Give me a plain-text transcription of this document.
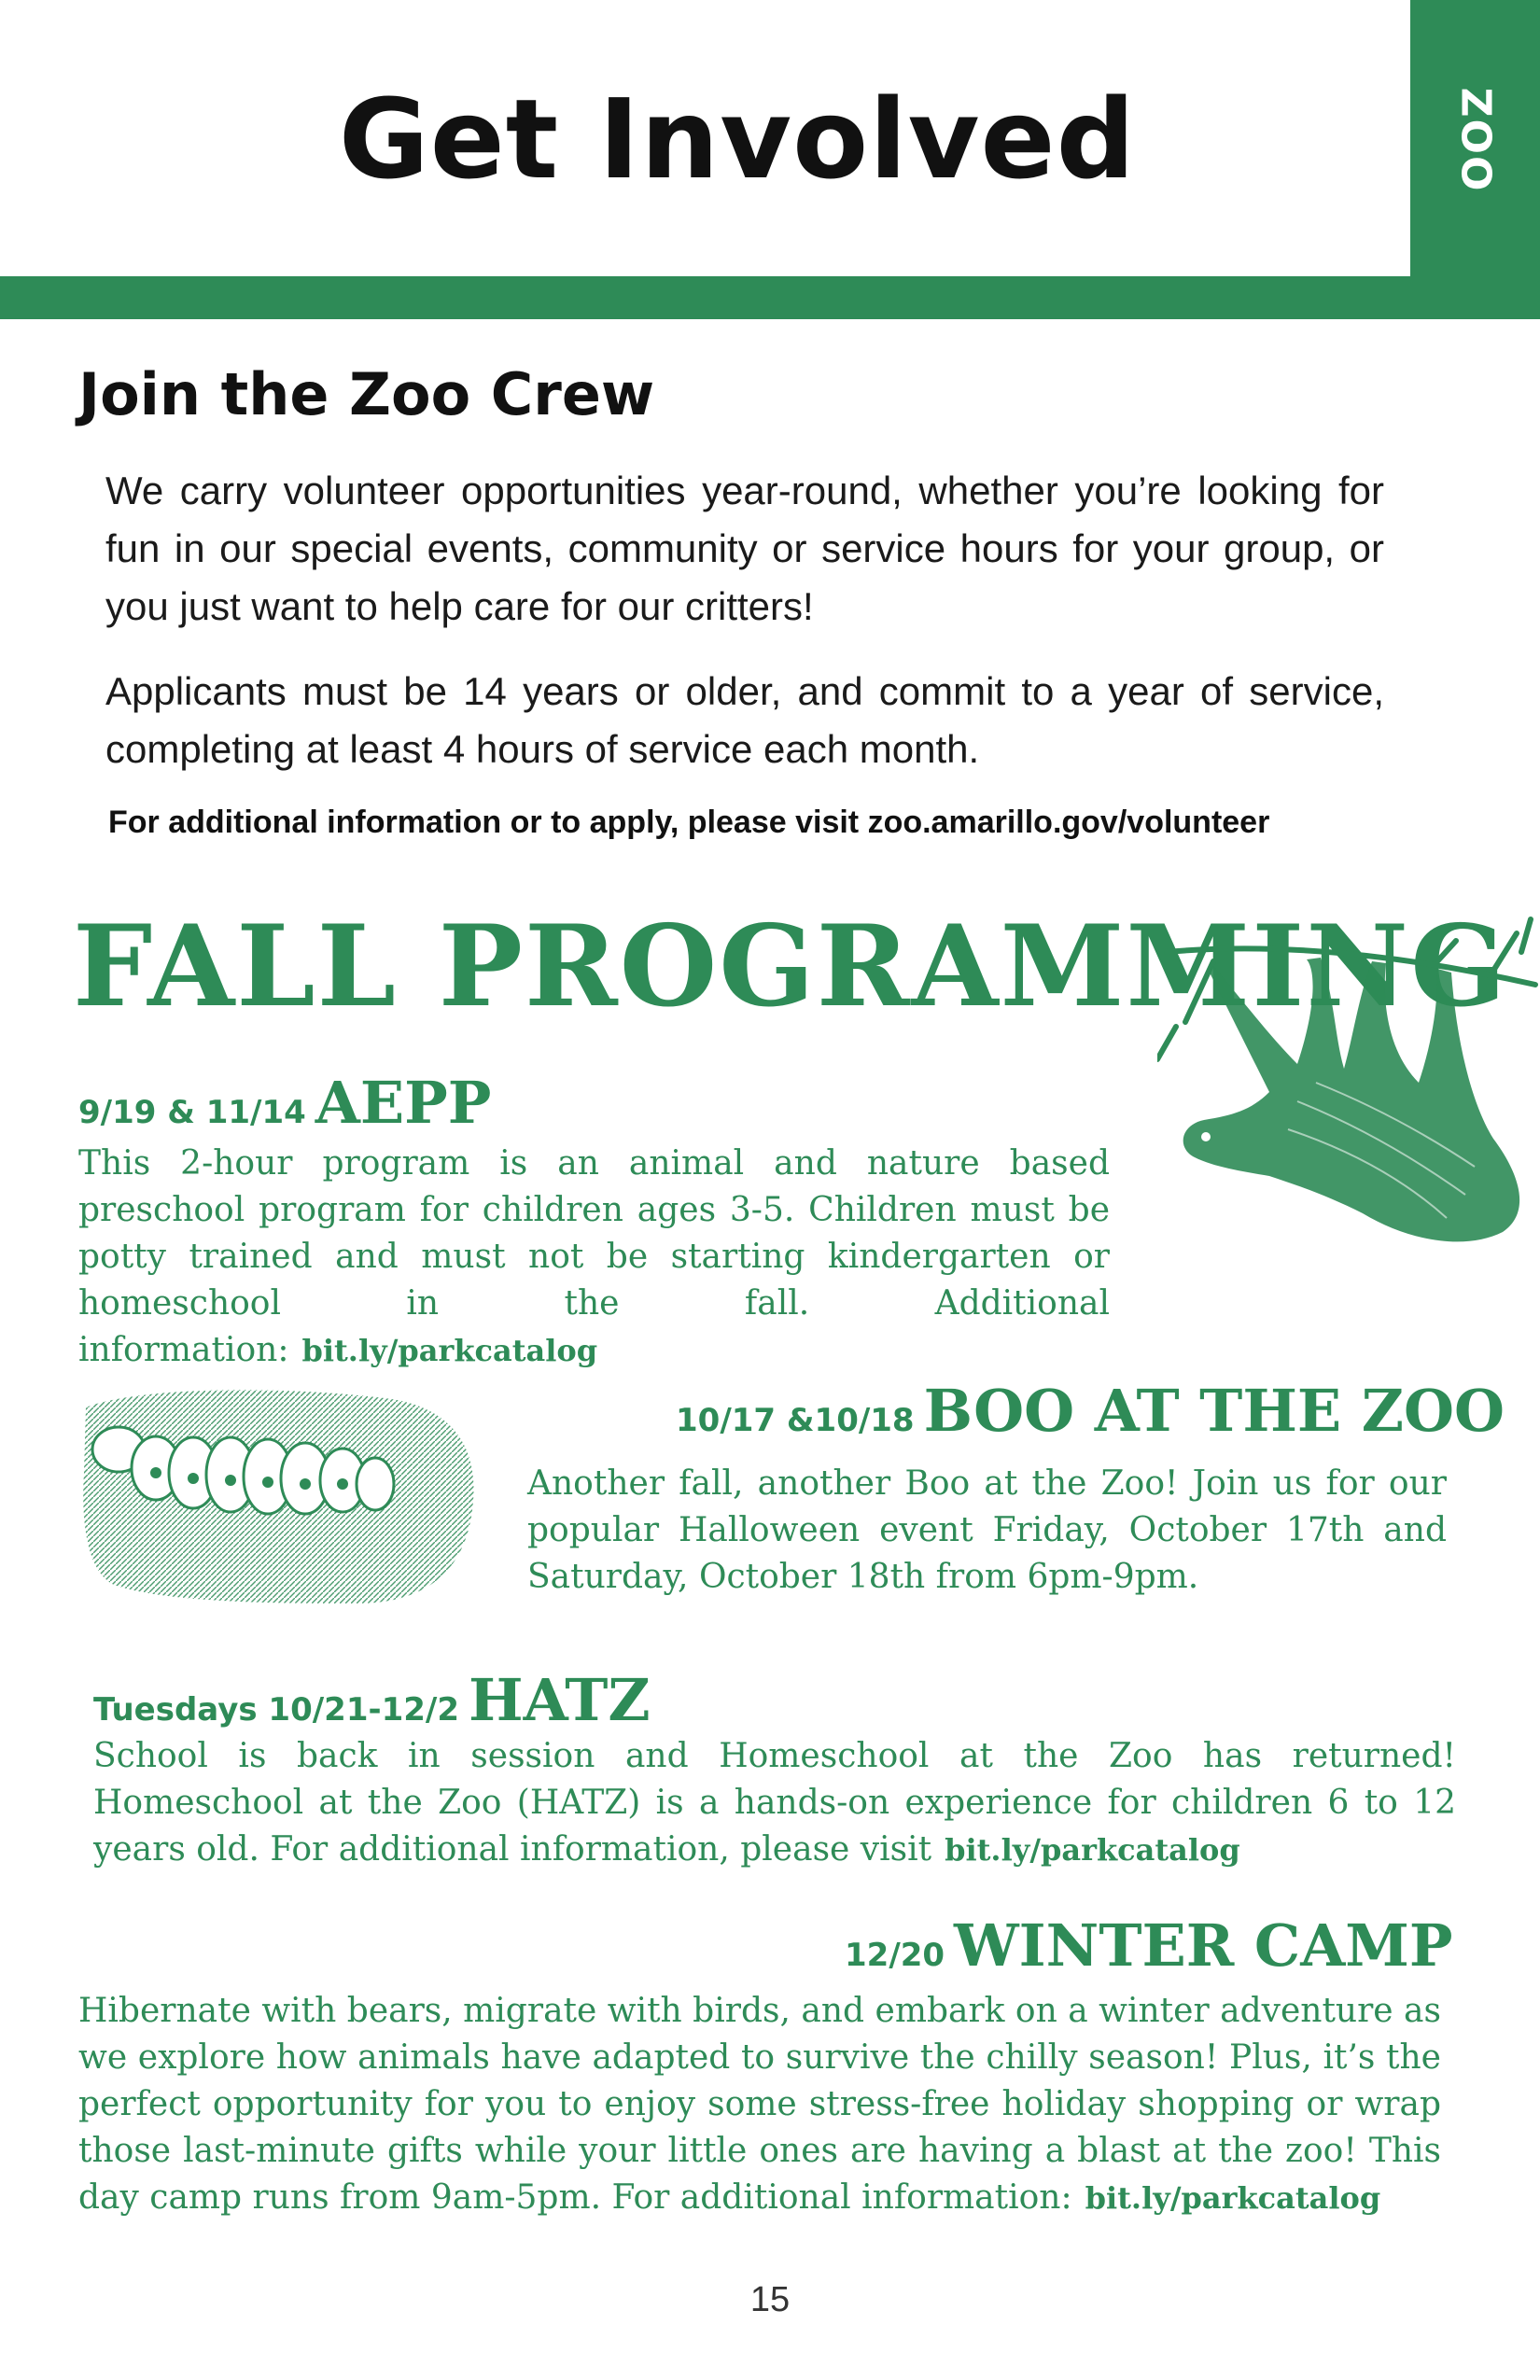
ZOO
Get Involved
Join the Zoo Crew
We carry volunteer opportunities year-round, whether you’re looking for fun in our special events, community or service hours for your group, or you just want to help care for our critters!
Applicants must be 14 years or older, and commit to a year of service, completing at least 4 hours of service each month.
For additional information or to apply, please visit zoo.amarillo.gov/volunteer
FALL PROGRAMMING
9/19 & 11/14 AEPP
This 2-hour program is an animal and nature based preschool program for children ages 3-5. Children must be potty trained and must not be starting kindergarten or homeschool in the fall. Additional information: bit.ly/parkcatalog
10/17 &10/18 BOO AT THE ZOO
Another fall, another Boo at the Zoo! Join us for our popular Halloween event Friday, October 17th and Saturday, October 18th from 6pm-9pm.
Tuesdays 10/21-12/2 HATZ
School is back in session and Homeschool at the Zoo has returned! Homeschool at the Zoo (HATZ) is a hands-on experience for children 6 to 12 years old. For additional information, please visit bit.ly/parkcatalog
12/20 WINTER CAMP
Hibernate with bears, migrate with birds, and embark on a winter adventure as we explore how animals have adapted to survive the chilly season! Plus, it’s the perfect opportunity for you to enjoy some stress-free holiday shopping or wrap those last-minute gifts while your little ones are having a blast at the zoo! This day camp runs from 9am-5pm. For additional information: bit.ly/parkcatalog
15
